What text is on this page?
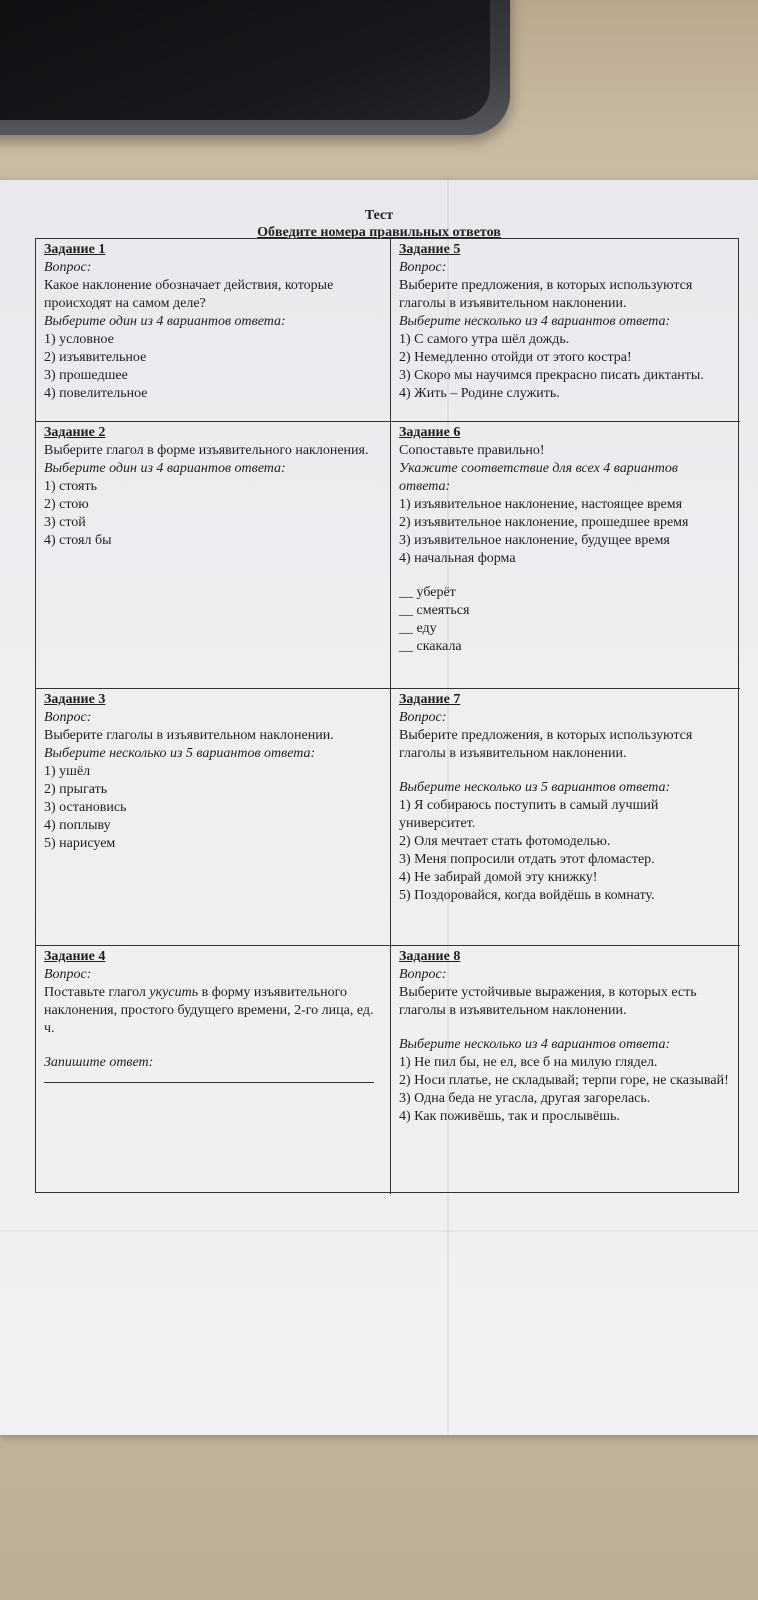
Тест
Обведите номера правильных ответов
Задание 1
Вопрос:
Какое наклонение обозначает действия, которые происходят на самом деле?
Выберите один из 4 вариантов ответа:
1) условное
2) изъявительное
3) прошедшее
4) повелительное
Задание 5
Вопрос:
Выберите предложения, в которых используются глаголы в изъявительном наклонении.
Выберите несколько из 4 вариантов ответа:
1) С самого утра шёл дождь.
2) Немедленно отойди от этого костра!
3) Скоро мы научимся прекрасно писать диктанты.
4) Жить – Родине служить.
Задание 2
Выберите глагол в форме изъявительного наклонения.
Выберите один из 4 вариантов ответа:
1) стоять
2) стою
3) стой
4) стоял бы
Задание 6
Сопоставьте правильно!
Укажите соответствие для всех 4 вариантов ответа:
1) изъявительное наклонение, настоящее время
2) изъявительное наклонение, прошедшее время
3) изъявительное наклонение, будущее время
4) начальная форма
__ уберёт
__ смеяться
__ еду
__ скакала
Задание 3
Вопрос:
Выберите глаголы в изъявительном наклонении.
Выберите несколько из 5 вариантов ответа:
1) ушёл
2) прыгать
3) остановись
4) поплыву
5) нарисуем
Задание 7
Вопрос:
Выберите предложения, в которых используются глаголы в изъявительном наклонении.
Выберите несколько из 5 вариантов ответа:
1) Я собираюсь поступить в самый лучший университет.
2) Оля мечтает стать фотомоделью.
3) Меня попросили отдать этот фломастер.
4) Не забирай домой эту книжку!
5) Поздоровайся, когда войдёшь в комнату.
Задание 4
Вопрос:
Поставьте глагол укусить в форму изъявительного наклонения, простого будущего времени, 2-го лица, ед. ч.
Запишите ответ:
Задание 8
Вопрос:
Выберите устойчивые выражения, в которых есть глаголы в изъявительном наклонении.
Выберите несколько из 4 вариантов ответа:
1) Не пил бы, не ел, все б на милую глядел.
2) Носи платье, не складывай; терпи горе, не сказывай!
3) Одна беда не угасла, другая загорелась.
4) Как поживёшь, так и прослывёшь.
